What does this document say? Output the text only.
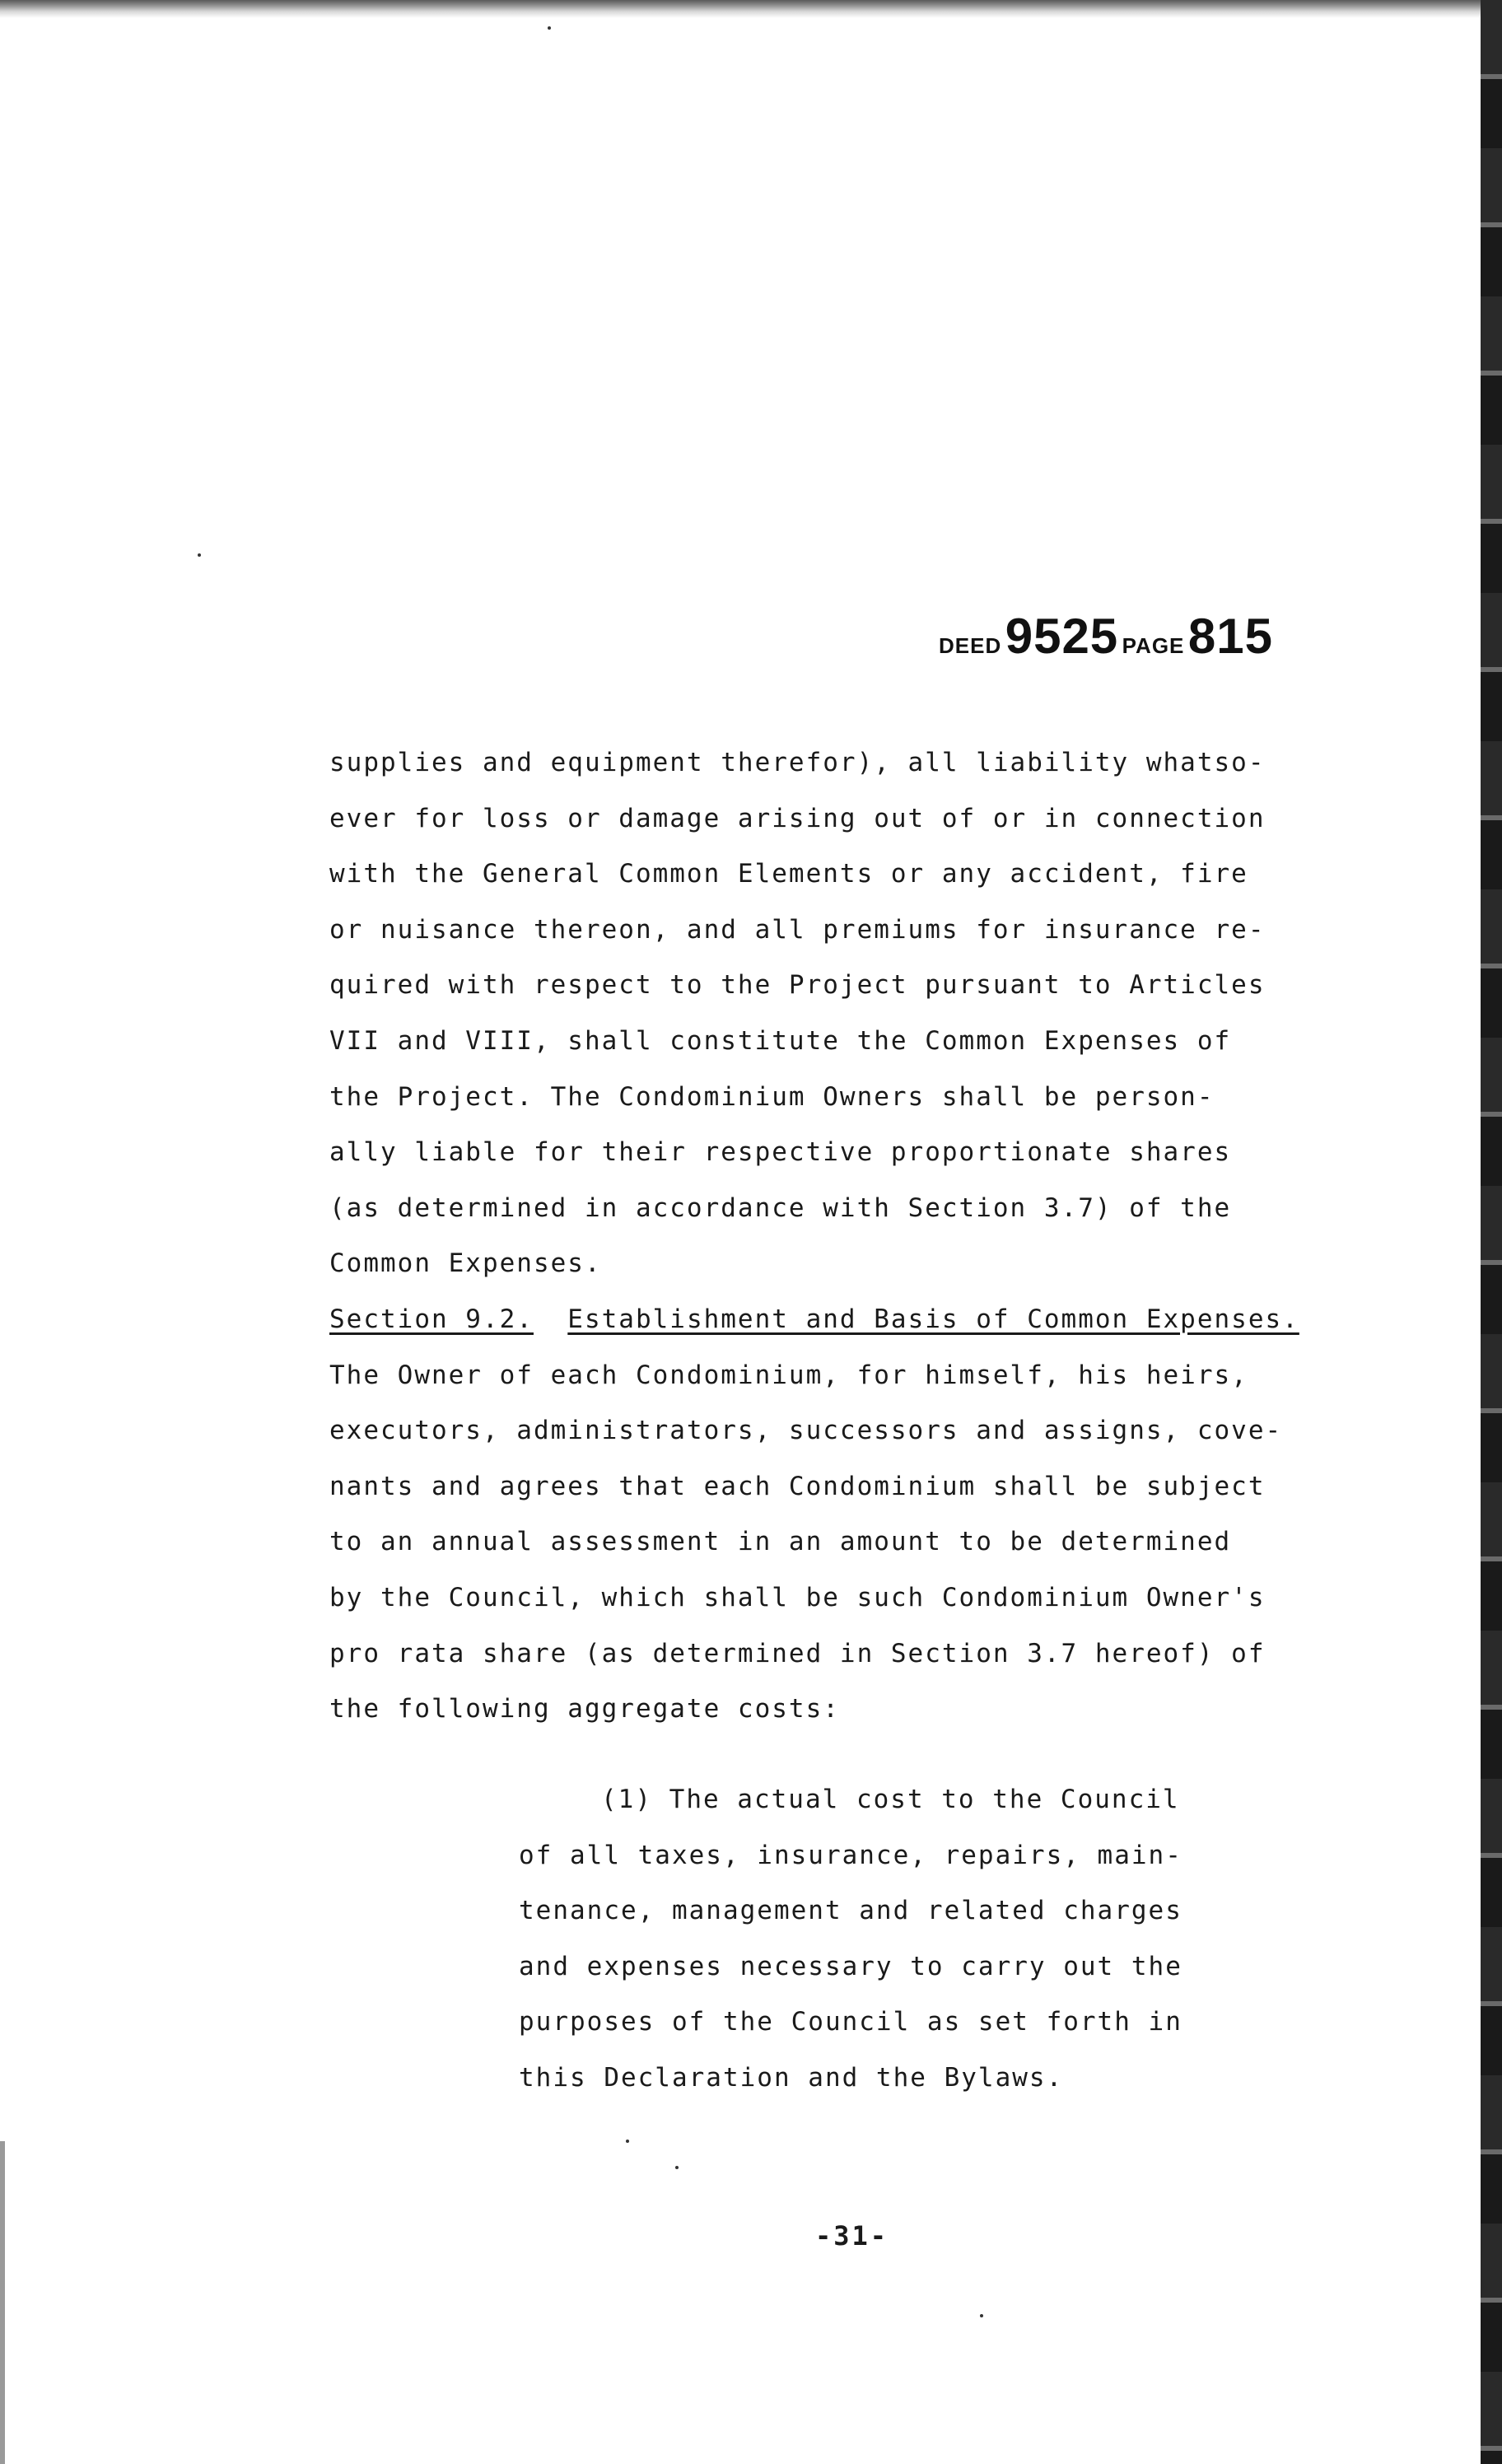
DEED 9525 PAGE 815
supplies and equipment therefor), all liability whatso-
ever for loss or damage arising out of or in connection
with the General Common Elements or any accident, fire
or nuisance thereon, and all premiums for insurance re-
quired with respect to the Project pursuant to Articles
VII and VIII, shall constitute the Common Expenses of
the Project. The Condominium Owners shall be person-
ally liable for their respective proportionate shares
(as determined in accordance with Section 3.7) of the
Common Expenses.
Section 9.2. Establishment and Basis of Common Expenses.
The Owner of each Condominium, for himself, his heirs,
executors, administrators, successors and assigns, cove-
nants and agrees that each Condominium shall be subject
to an annual assessment in an amount to be determined
by the Council, which shall be such Condominium Owner's
pro rata share (as determined in Section 3.7 hereof) of
the following aggregate costs:
(1) The actual cost to the Council
of all taxes, insurance, repairs, main-
tenance, management and related charges
and expenses necessary to carry out the
purposes of the Council as set forth in
this Declaration and the Bylaws.
-31-
